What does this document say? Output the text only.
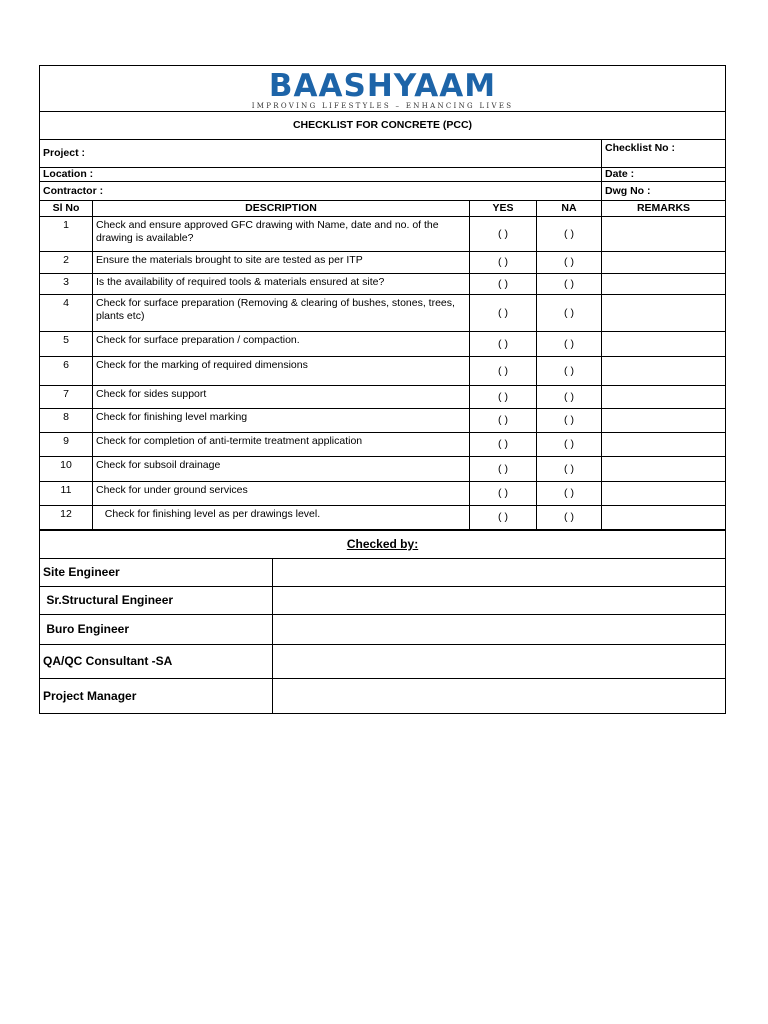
BAASHYAAM
IMPROVING LIFESTYLES – ENHANCING LIVES				

CHECKLIST FOR CONCRETE (PCC)				
Project :				Checklist No :
Location :				Date :
Contractor :				Dwg No :
Sl No	DESCRIPTION	YES	NA	REMARKS
1	Check and ensure approved GFC drawing with Name, date and no. of the drawing is available?	( )	( )	
2	Ensure the materials brought to site are tested as per ITP	( )	( )	
3	Is the availability of required tools & materials ensured at site?	( )	( )	
4	Check for surface preparation (Removing & clearing of bushes, stones, trees, plants etc)	( )	( )	
5	Check for surface preparation / compaction.	( )	( )	
6	Check for the marking of required dimensions	( )	( )	
7	Check for sides support	( )	( )	
8	Check for finishing level marking	( )	( )	
9	Check for completion of anti-termite treatment application	( )	( )	
10	Check for subsoil drainage	( )	( )	
11	Check for under ground services	( )	( )	
12	Check for finishing level as per drawings level.	( )	( )	
Checked by:	
Site Engineer	
Sr.Structural Engineer	
Buro Engineer	
QA/QC Consultant -SA	
Project Manager	
